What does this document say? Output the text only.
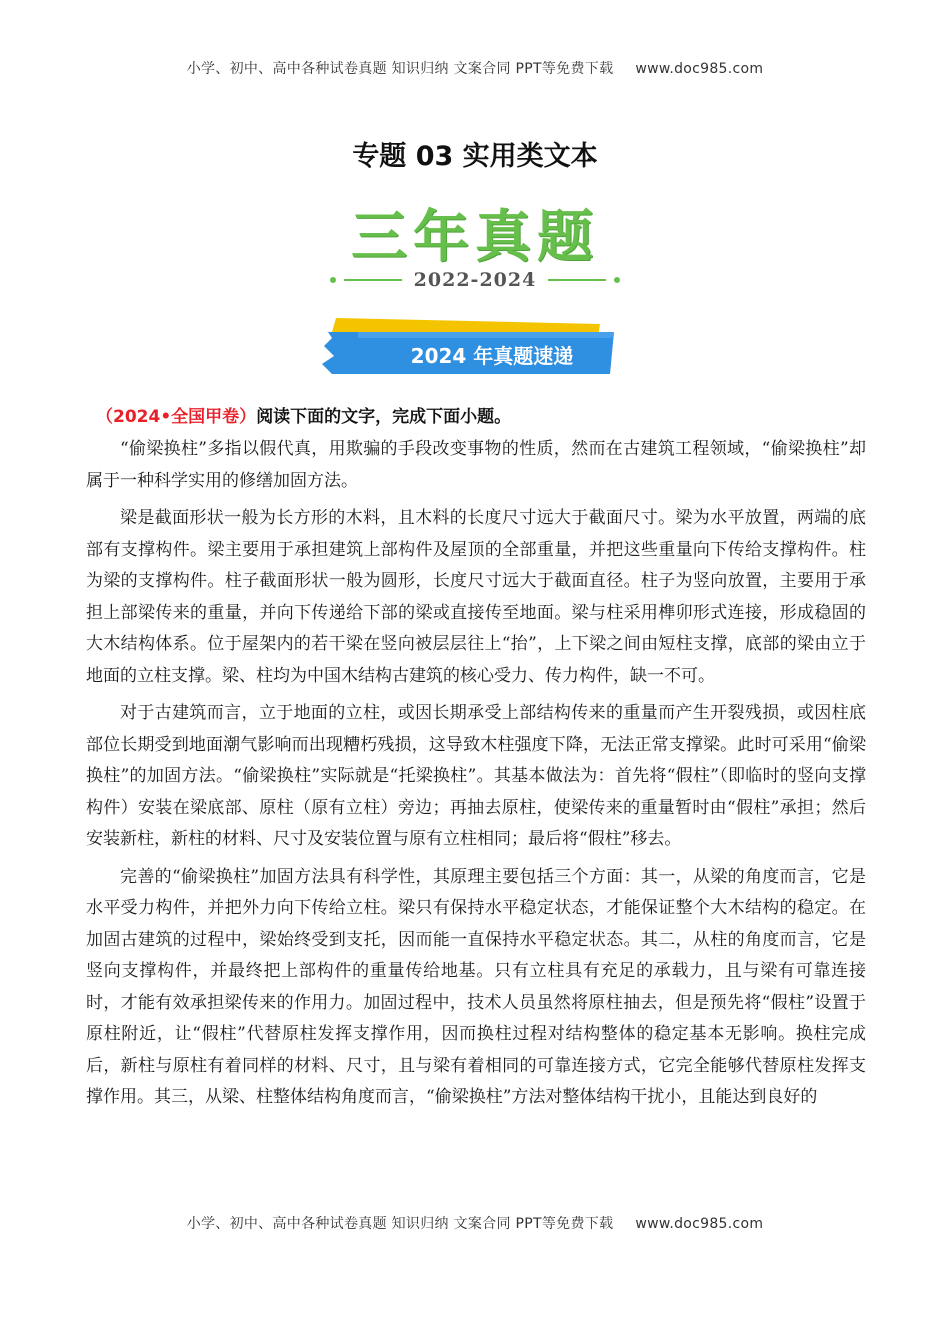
小学、初中、高中各种试卷真题 知识归纳 文案合同 PPT等免费下载 www.doc985.com
专题 03 实用类文本
三年真题
2022-2024
2024 年真题速递
（2024•全国甲卷）阅读下面的文字，完成下面小题。

“偷梁换柱”多指以假代真，用欺骗的手段改变事物的性质，然而在古建筑工程领域，“偷梁换柱”却属于一种科学实用的修缮加固方法。

梁是截面形状一般为长方形的木料，且木料的长度尺寸远大于截面尺寸。梁为水平放置，两端的底部有支撑构件。梁主要用于承担建筑上部构件及屋顶的全部重量，并把这些重量向下传给支撑构件。柱为梁的支撑构件。柱子截面形状一般为圆形，长度尺寸远大于截面直径。柱子为竖向放置，主要用于承担上部梁传来的重量，并向下传递给下部的梁或直接传至地面。梁与柱采用榫卯形式连接，形成稳固的大木结构体系。位于屋架内的若干梁在竖向被层层往上“抬”，上下梁之间由短柱支撑，底部的梁由立于地面的立柱支撑。梁、柱均为中国木结构古建筑的核心受力、传力构件，缺一不可。

对于古建筑而言，立于地面的立柱，或因长期承受上部结构传来的重量而产生开裂残损，或因柱底部位长期受到地面潮气影响而出现糟朽残损，这导致木柱强度下降，无法正常支撑梁。此时可采用“偷梁换柱”的加固方法。“偷梁换柱”实际就是“托梁换柱”。其基本做法为：首先将“假柱”（即临时的竖向支撑构件）安装在梁底部、原柱（原有立柱）旁边；再抽去原柱，使梁传来的重量暂时由“假柱”承担；然后安装新柱，新柱的材料、尺寸及安装位置与原有立柱相同；最后将“假柱”移去。

完善的“偷梁换柱”加固方法具有科学性，其原理主要包括三个方面：其一，从梁的角度而言，它是水平受力构件，并把外力向下传给立柱。梁只有保持水平稳定状态，才能保证整个大木结构的稳定。在加固古建筑的过程中，梁始终受到支托，因而能一直保持水平稳定状态。其二，从柱的角度而言，它是竖向支撑构件，并最终把上部构件的重量传给地基。只有立柱具有充足的承载力，且与梁有可靠连接时，才能有效承担梁传来的作用力。加固过程中，技术人员虽然将原柱抽去，但是预先将“假柱”设置于原柱附近，让“假柱”代替原柱发挥支撑作用，因而换柱过程对结构整体的稳定基本无影响。换柱完成后，新柱与原柱有着同样的材料、尺寸，且与梁有着相同的可靠连接方式，它完全能够代替原柱发挥支撑作用。其三，从梁、柱整体结构角度而言，“偷梁换柱”方法对整体结构干扰小，且能达到良好的

小学、初中、高中各种试卷真题 知识归纳 文案合同 PPT等免费下载 www.doc985.com
